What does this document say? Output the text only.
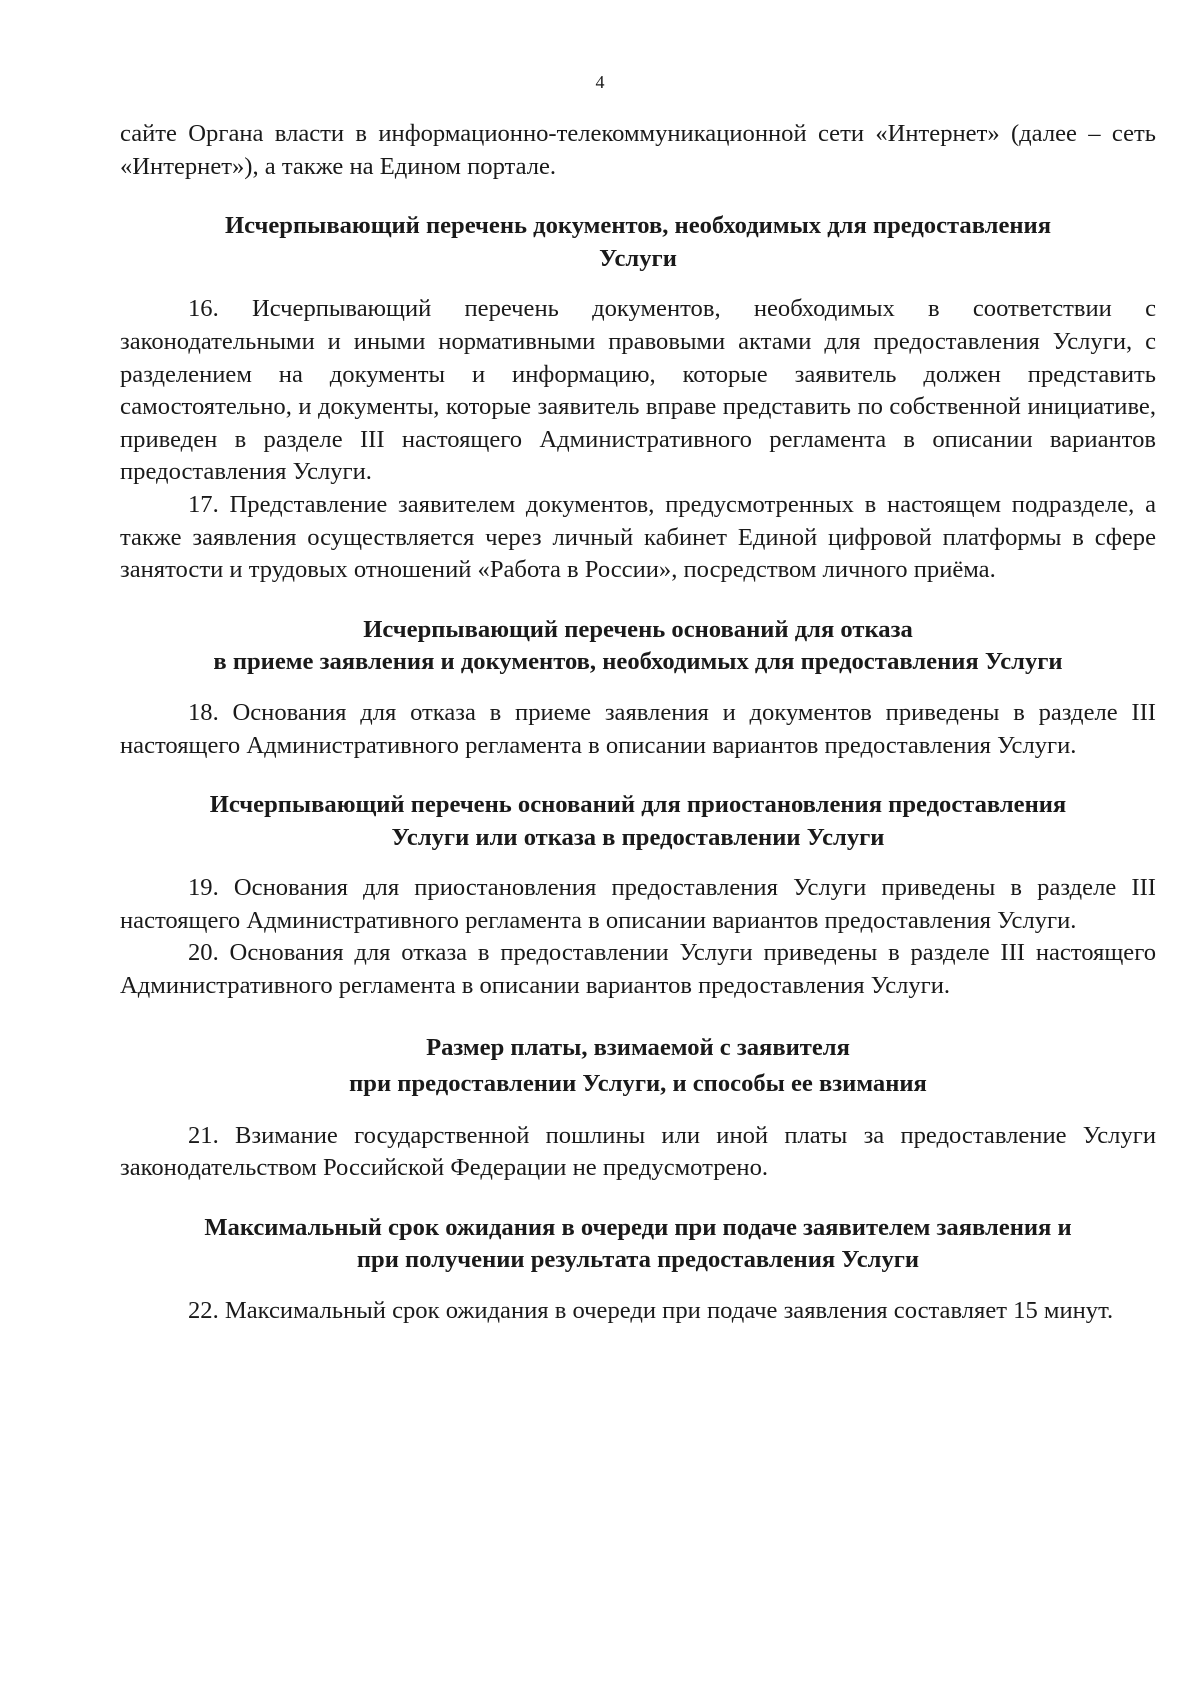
4

сайте Органа власти в информационно-телекоммуникационной сети «Интернет» (далее – сеть «Интернет»), а также на Едином портале.

Исчерпывающий перечень документов, необходимых для предоставления
Услуги

16. Исчерпывающий перечень документов, необходимых в соответствии с законодательными и иными нормативными правовыми актами для предоставления Услуги, с разделением на документы и информацию, которые заявитель должен представить самостоятельно, и документы, которые заявитель вправе представить по собственной инициативе, приведен в разделе III настоящего Административного регламента в описании вариантов предоставления Услуги.

17. Представление заявителем документов, предусмотренных в настоящем подразделе, а также заявления осуществляется через личный кабинет Единой цифровой платформы в сфере занятости и трудовых отношений «Работа в России», посредством личного приёма.

Исчерпывающий перечень оснований для отказа
в приеме заявления и документов, необходимых для предоставления Услуги

18. Основания для отказа в приеме заявления и документов приведены в разделе III настоящего Административного регламента в описании вариантов предоставления Услуги.

Исчерпывающий перечень оснований для приостановления предоставления
Услуги или отказа в предоставлении Услуги

19. Основания для приостановления предоставления Услуги приведены в разделе III настоящего Административного регламента в описании вариантов предоставления Услуги.

20. Основания для отказа в предоставлении Услуги приведены в разделе III настоящего Административного регламента в описании вариантов предоставления Услуги.

Размер платы, взимаемой с заявителя
при предоставлении Услуги, и способы ее взимания

21. Взимание государственной пошлины или иной платы за предоставление Услуги законодательством Российской Федерации не предусмотрено.

Максимальный срок ожидания в очереди при подаче заявителем заявления и
при получении результата предоставления Услуги

22. Максимальный срок ожидания в очереди при подаче заявления составляет 15 минут.
